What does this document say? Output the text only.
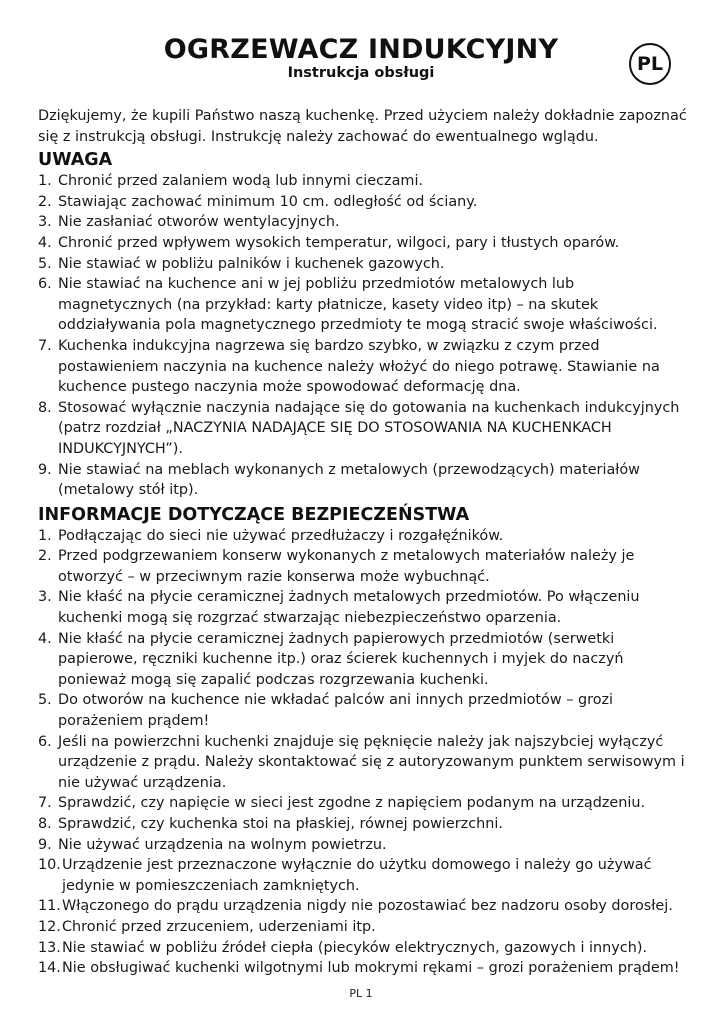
OGRZEWACZ INDUKCYJNY
Instrukcja obsługi	PL

Dziękujemy, że kupili Państwo naszą kuchenkę. Przed użyciem należy dokładnie zapoznać się z instrukcją obsługi. Instrukcję należy zachować do ewentualnego wglądu.

UWAGA
1. Chronić przed zalaniem wodą lub innymi cieczami.
2. Stawiając zachować minimum 10 cm. odległość od ściany.
3. Nie zasłaniać otworów wentylacyjnych.
4. Chronić przed wpływem wysokich temperatur, wilgoci, pary i tłustych oparów.
5. Nie stawiać w pobliżu palników i kuchenek gazowych.
6. Nie stawiać na kuchence ani w jej pobliżu przedmiotów metalowych lub magnetycznych (na przykład: karty płatnicze, kasety video itp) – na skutek oddziaływania pola magnetycznego przedmioty te mogą stracić swoje właściwości.
7. Kuchenka indukcyjna nagrzewa się bardzo szybko, w związku z czym przed postawieniem naczynia na kuchence należy włożyć do niego potrawę. Stawianie na kuchence pustego naczynia może spowodować deformację dna.
8. Stosować wyłącznie naczynia nadające się do gotowania na kuchenkach indukcyjnych (patrz rozdział „NACZYNIA NADAJĄCE SIĘ DO STOSOWANIA NA KUCHENKACH INDUKCYJNYCH”).
9. Nie stawiać na meblach wykonanych z metalowych (przewodzących) materiałów (metalowy stół itp).
INFORMACJE DOTYCZĄCE BEZPIECZEŃSTWA
1. Podłączając do sieci nie używać przedłużaczy i rozgałęźników.
2. Przed podgrzewaniem konserw wykonanych z metalowych materiałów należy je otworzyć – w przeciwnym razie konserwa może wybuchnąć.
3. Nie kłaść na płycie ceramicznej żadnych metalowych przedmiotów. Po włączeniu kuchenki mogą się rozgrzać stwarzając niebezpieczeństwo oparzenia.
4. Nie kłaść na płycie ceramicznej żadnych papierowych przedmiotów (serwetki papierowe, ręczniki kuchenne itp.) oraz ścierek kuchennych i myjek do naczyń ponieważ mogą się zapalić podczas rozgrzewania kuchenki.
5. Do otworów na kuchence nie wkładać palców ani innych przedmiotów – grozi porażeniem prądem!
6. Jeśli na powierzchni kuchenki znajduje się pęknięcie należy jak najszybciej wyłączyć urządzenie z prądu. Należy skontaktować się z autoryzowanym punktem serwisowym i nie używać urządzenia.
7. Sprawdzić, czy napięcie w sieci jest zgodne z napięciem podanym na urządzeniu.
8. Sprawdzić, czy kuchenka stoi na płaskiej, równej powierzchni.
9. Nie używać urządzenia na wolnym powietrzu.
10. Urządzenie jest przeznaczone wyłącznie do użytku domowego i należy go używać jedynie w pomieszczeniach zamkniętych.
11. Włączonego do prądu urządzenia nigdy nie pozostawiać bez nadzoru osoby dorosłej.
12. Chronić przed zrzuceniem, uderzeniami itp.
13. Nie stawiać w pobliżu źródeł ciepła (piecyków elektrycznych, gazowych i innych).
14. Nie obsługiwać kuchenki wilgotnymi lub mokrymi rękami – grozi porażeniem prądem!
PL 1
